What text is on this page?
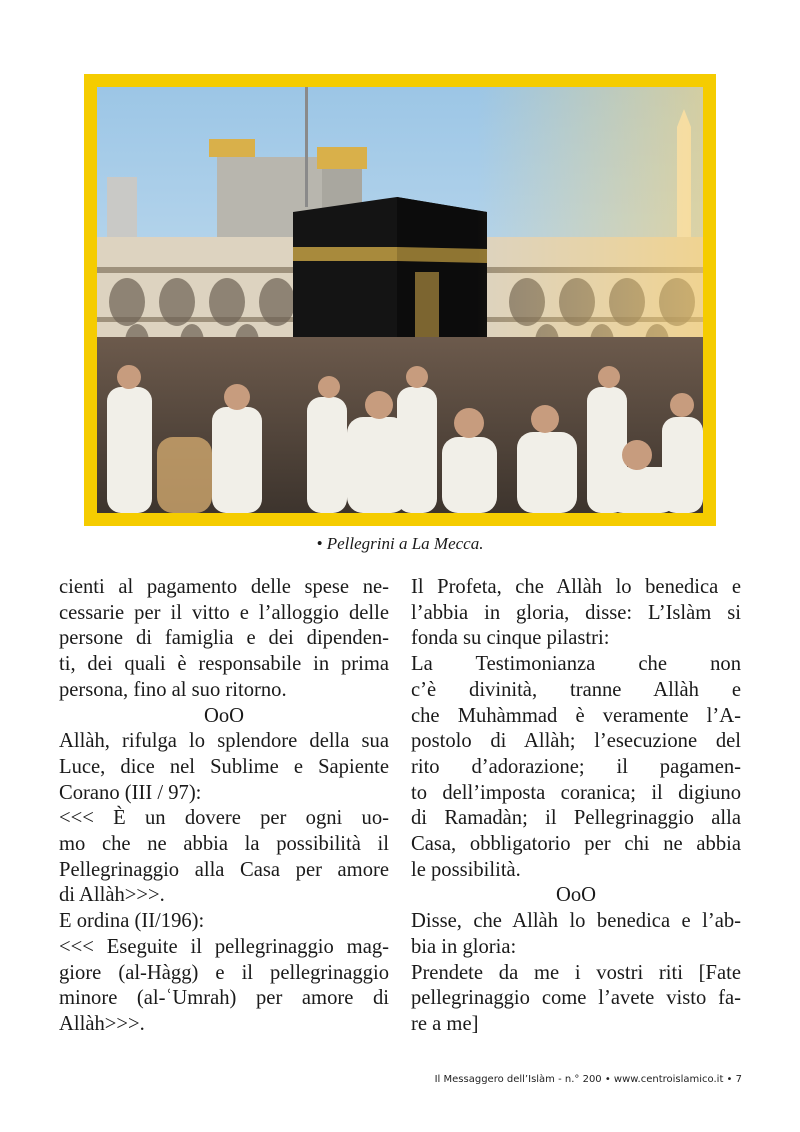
• Pellegrini a La Mecca.

cienti al pagamento delle spese ne-

cessarie per il vitto e l’alloggio delle

persone di famiglia e dei dipenden-

ti, dei quali è responsabile in prima

persona, fino al suo ritorno.

OoO

Allàh, rifulga lo splendore della sua

Luce, dice nel Sublime e Sapiente

Corano (III / 97):

<<< È un dovere per ogni uo-

mo che ne abbia la possibilità il

Pellegrinaggio alla Casa per amore

di Allàh>>>.

E ordina (II/196):

<<< Eseguite il pellegrinaggio mag-

giore (al-Hàgg) e il pellegrinaggio

minore (al-ʿUmrah) per amore di

Allàh>>>.

Il Profeta, che Allàh lo benedica e

l’abbia in gloria, disse: L’Islàm si

fonda su cinque pilastri:

La Testimonianza che non

c’è divinità, tranne Allàh e

che Muhàmmad è veramente l’A-

postolo di Allàh; l’esecuzione del

rito d’adorazione; il pagamen-

to dell’imposta coranica; il digiuno

di Ramadàn; il Pellegrinaggio alla

Casa, obbligatorio per chi ne abbia

le possibilità.

OoO

Disse, che Allàh lo benedica e l’ab-

bia in gloria:

Prendete da me i vostri riti [Fate

pellegrinaggio come l’avete visto fa-

re a me]

Il Messaggero dell’Islàm - n.° 200 • www.centroislamico.it • 7
